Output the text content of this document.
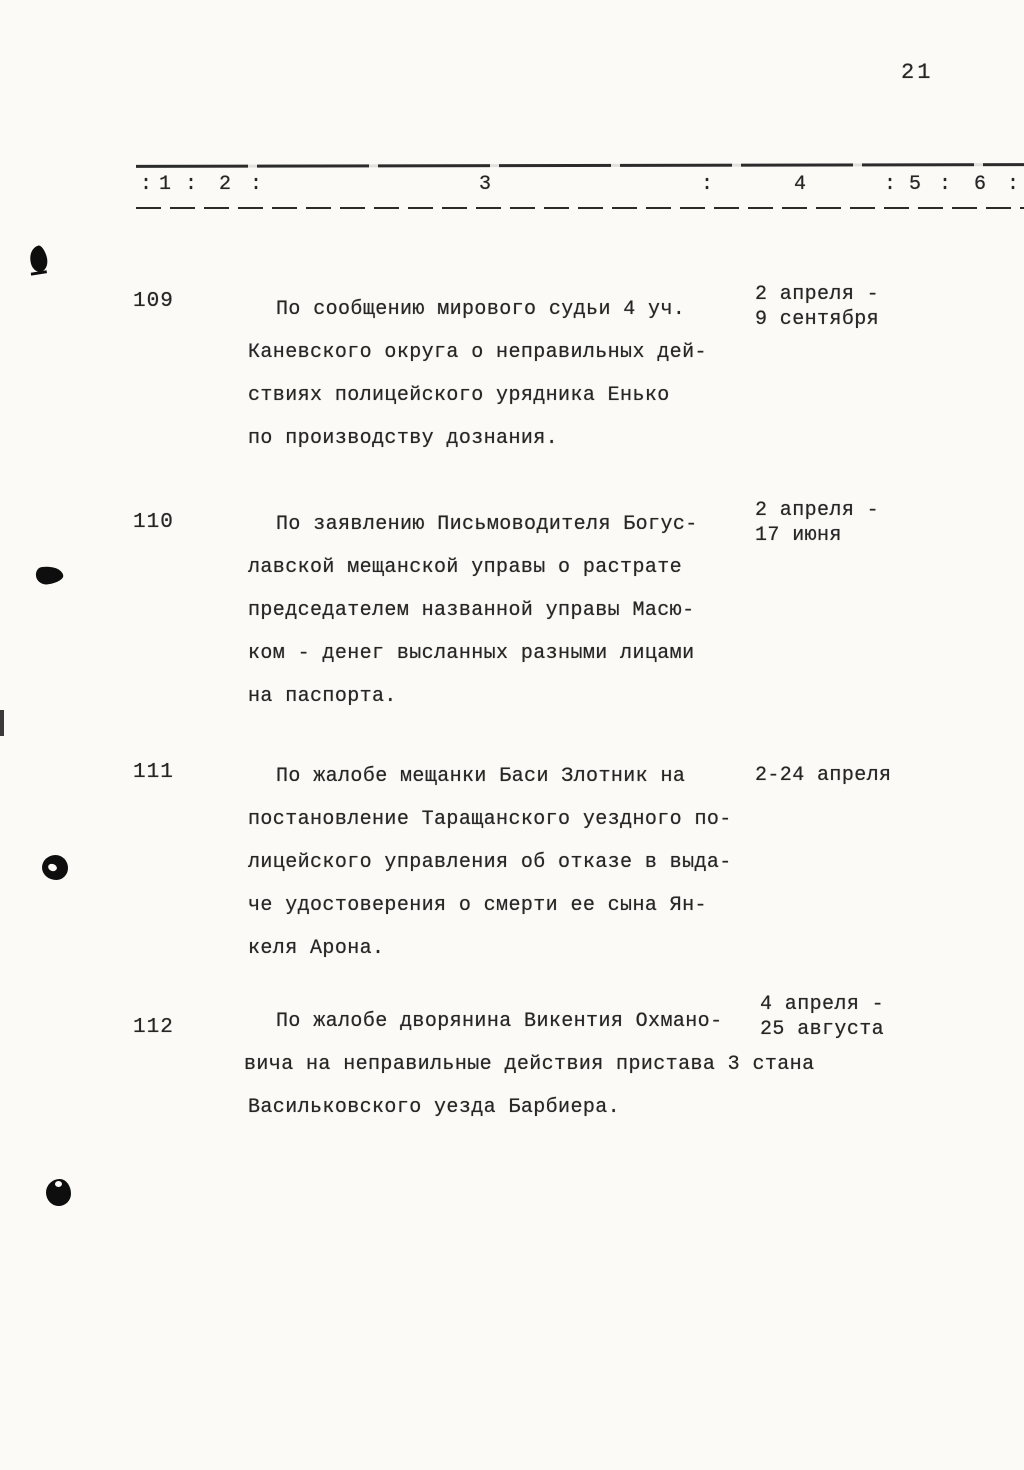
21
: 1 : 2 :	3	:	4	: 5 : 6 :
109	По сообщению мирового судьи 4 уч.
Каневского округа о неправильных дей-
ствиях полицейского урядника Енько
по производству дознания.
2 апреля -
9 сентября
110	По заявлению Письмоводителя Богус-
лавской мещанской управы о растрате
председателем названной управы Масю-
ком - денег высланных разными лицами
на паспорта.
2 апреля -
17 июня
111	По жалобе мещанки Баси Злотник на
постановление Таращанского уездного по-
лицейского управления об отказе в выда-
че удостоверения о смерти ее сына Ян-
келя Арона.
2-24 апреля
112	По жалобе дворянина Викентия Охмано-
вича на неправильные действия пристава 3 стана
Васильковского уезда Барбиера.
4 апреля -
25 августа
